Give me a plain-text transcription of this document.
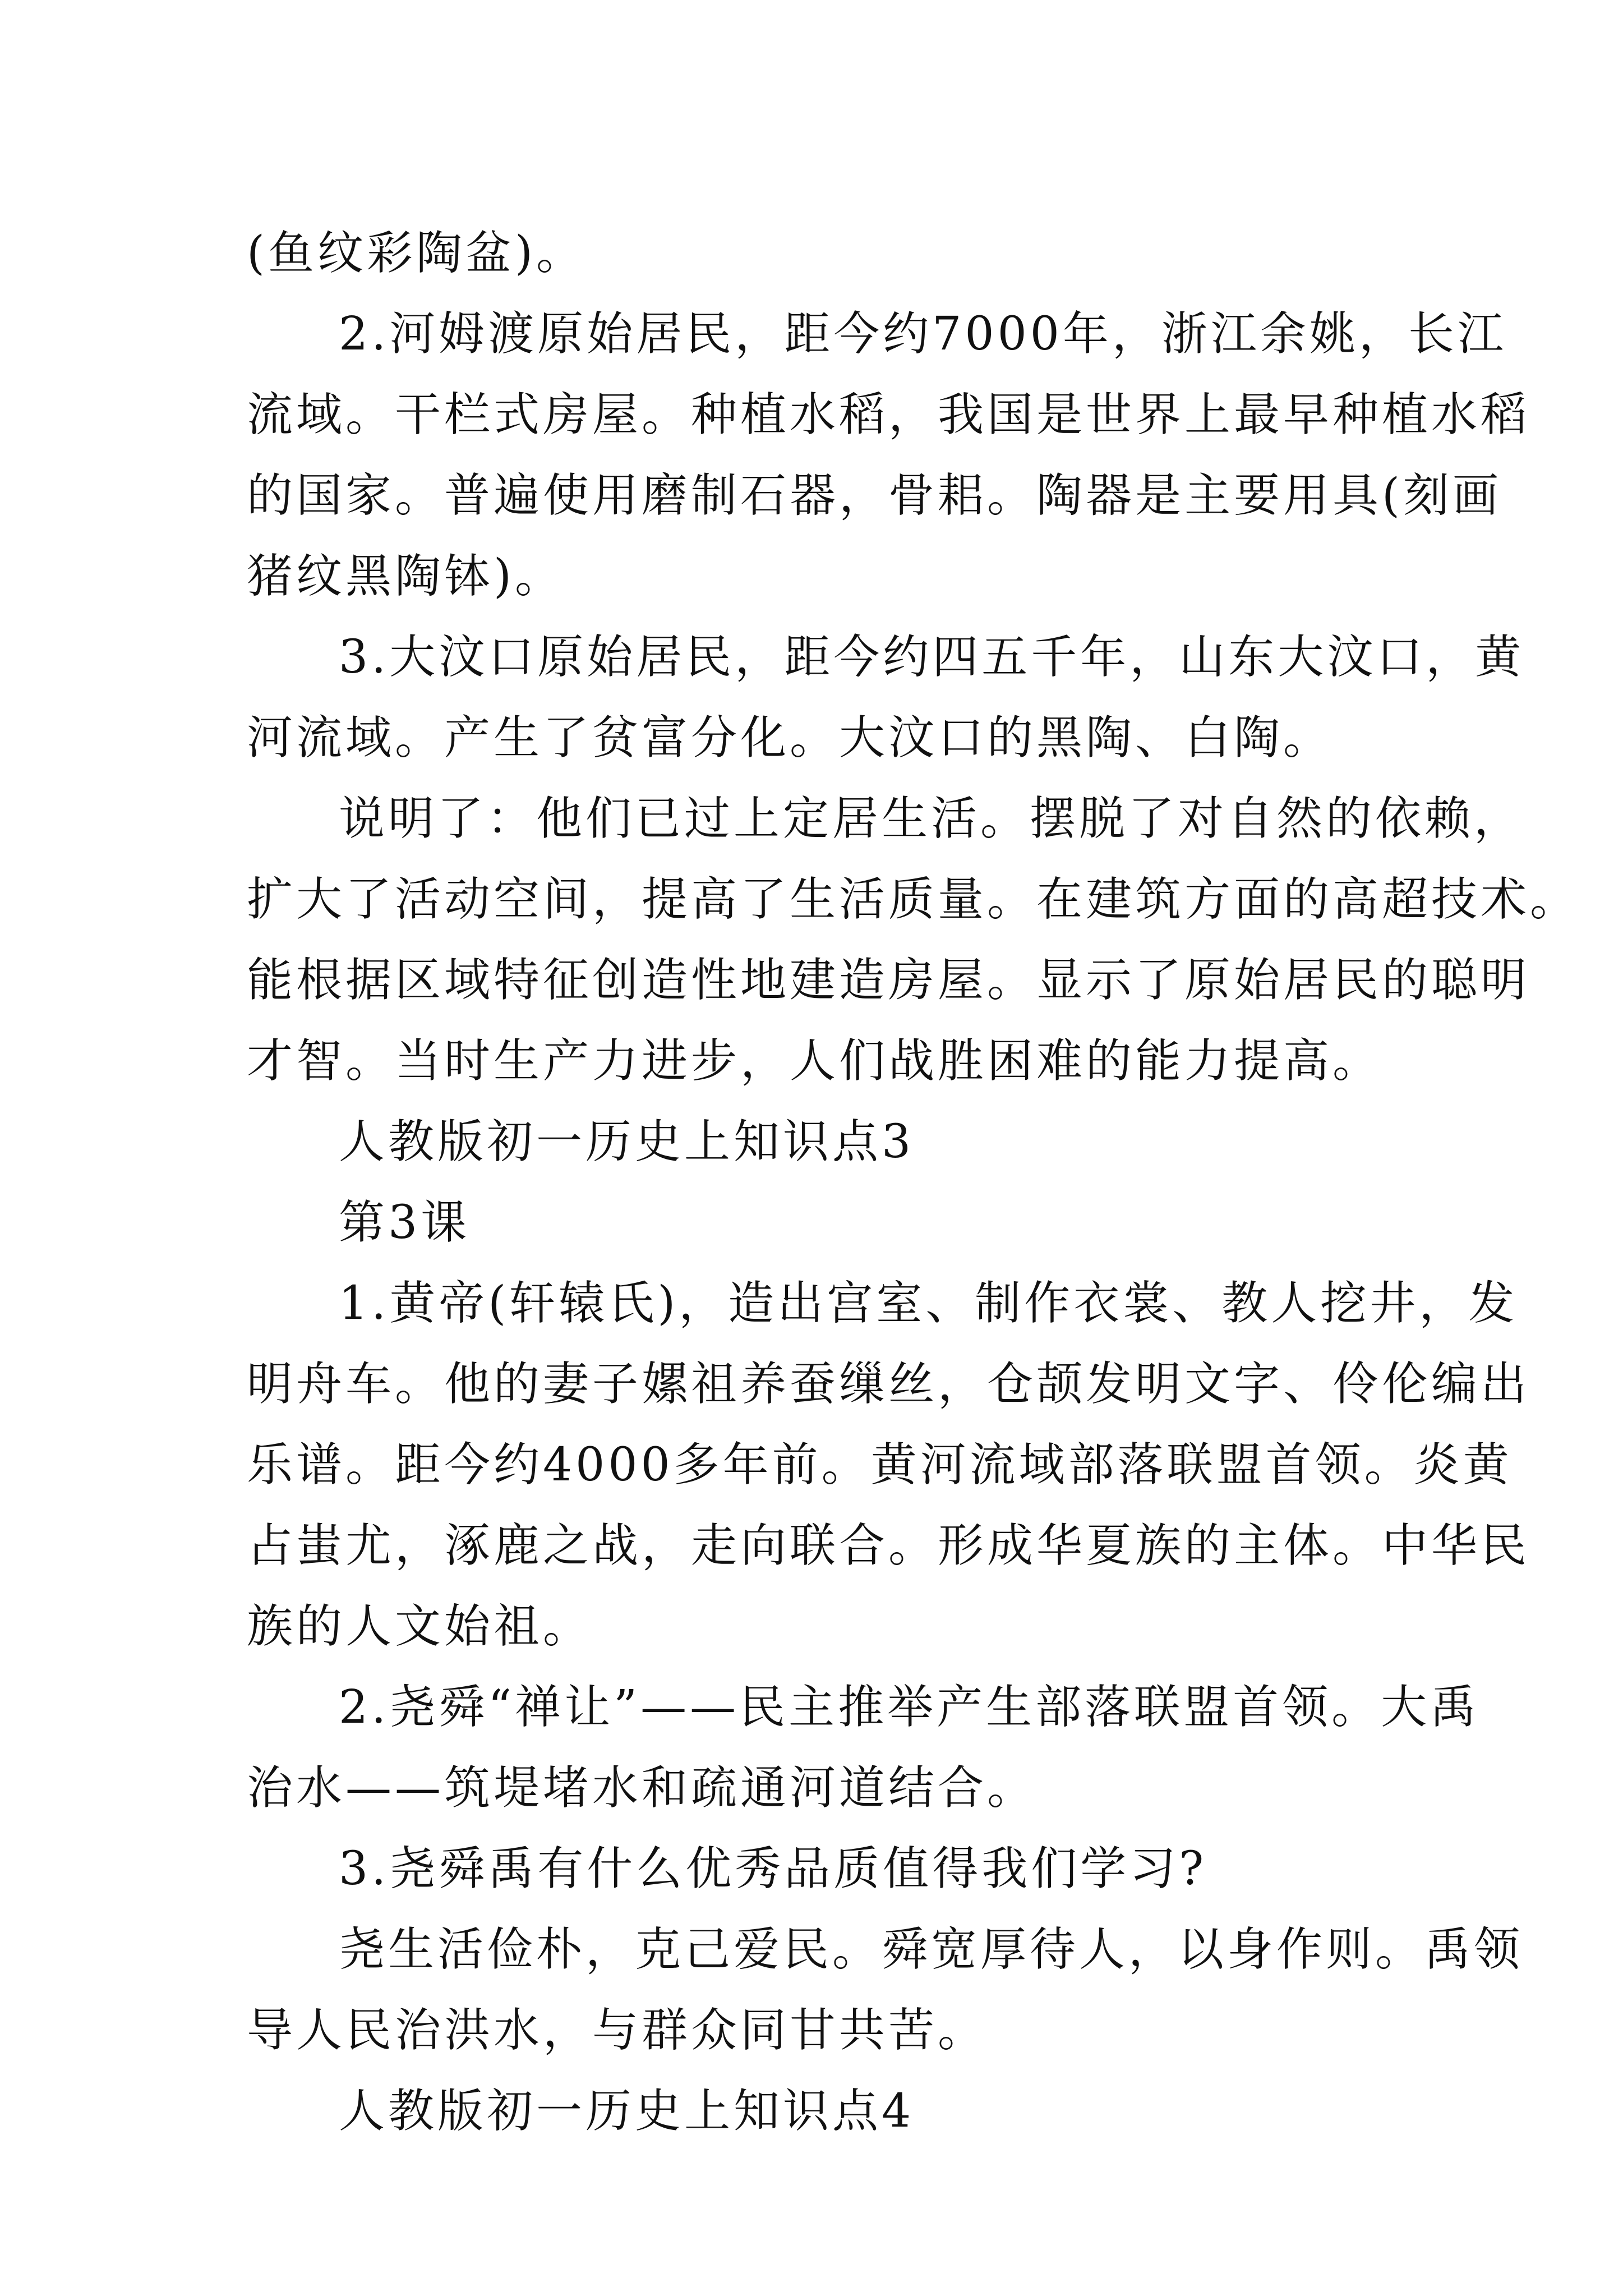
(鱼纹彩陶盆)。
2.河姆渡原始居民，距今约7000年，浙江余姚，长江
流域。干栏式房屋。种植水稻，我国是世界上最早种植水稻
的国家。普遍使用磨制石器，骨耜。陶器是主要用具(刻画
猪纹黑陶钵)。
3.大汶口原始居民，距今约四五千年，山东大汶口，黄
河流域。产生了贫富分化。大汶口的黑陶、白陶。
说明了：他们已过上定居生活。摆脱了对自然的依赖，
扩大了活动空间，提高了生活质量。在建筑方面的高超技术。
能根据区域特征创造性地建造房屋。显示了原始居民的聪明
才智。当时生产力进步，人们战胜困难的能力提高。
人教版初一历史上知识点3
第3课
1.黄帝(轩辕氏)，造出宫室、制作衣裳、教人挖井，发
明舟车。他的妻子嫘祖养蚕缫丝，仓颉发明文字、伶伦编出
乐谱。距今约4000多年前。黄河流域部落联盟首领。炎黄
占蚩尤，涿鹿之战，走向联合。形成华夏族的主体。中华民
族的人文始祖。
2.尧舜“禅让”——民主推举产生部落联盟首领。大禹
治水——筑堤堵水和疏通河道结合。
3.尧舜禹有什么优秀品质值得我们学习?
尧生活俭朴，克己爱民。舜宽厚待人，以身作则。禹领
导人民治洪水，与群众同甘共苦。
人教版初一历史上知识点4
